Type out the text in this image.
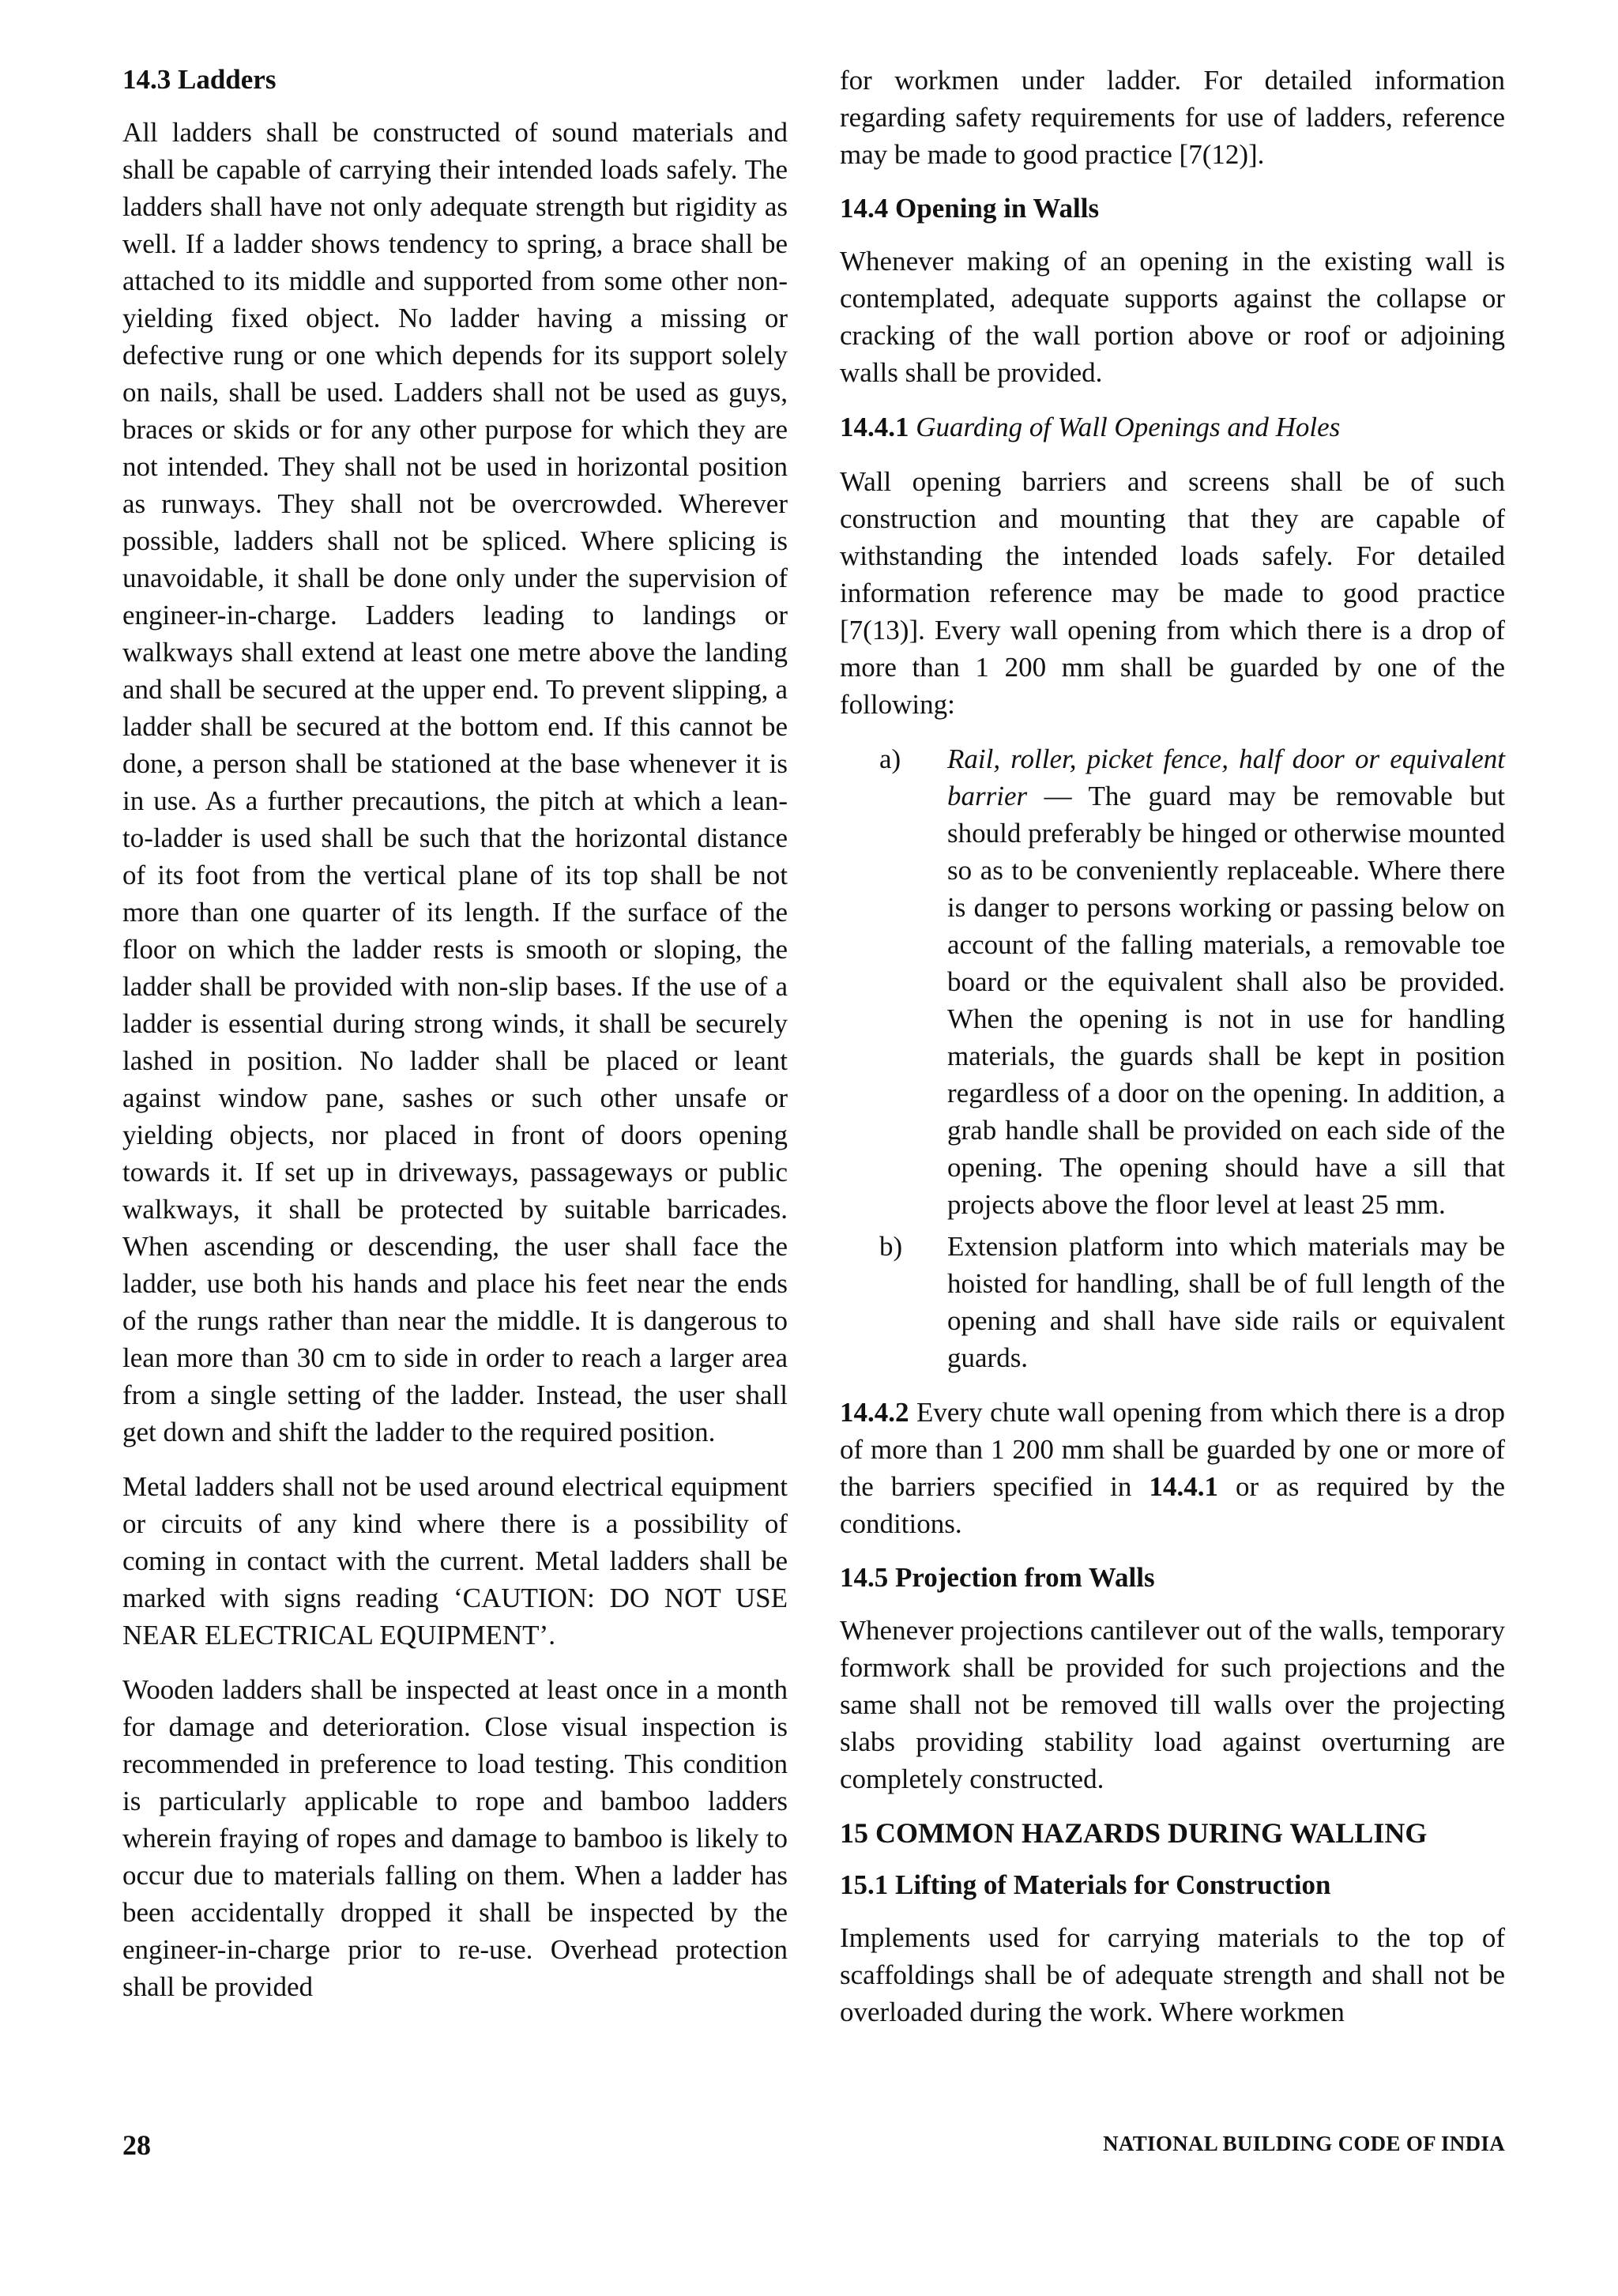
14.3 Ladders

All ladders shall be constructed of sound materials and shall be capable of carrying their intended loads safely. The ladders shall have not only adequate strength but rigidity as well. If a ladder shows tendency to spring, a brace shall be attached to its middle and supported from some other non-yielding fixed object. No ladder having a missing or defective rung or one which depends for its support solely on nails, shall be used. Ladders shall not be used as guys, braces or skids or for any other purpose for which they are not intended. They shall not be used in horizontal position as runways. They shall not be overcrowded. Wherever possible, ladders shall not be spliced. Where splicing is unavoidable, it shall be done only under the supervision of engineer-in-charge. Ladders leading to landings or walkways shall extend at least one metre above the landing and shall be secured at the upper end. To prevent slipping, a ladder shall be secured at the bottom end. If this cannot be done, a person shall be stationed at the base whenever it is in use. As a further precautions, the pitch at which a lean-to-ladder is used shall be such that the horizontal distance of its foot from the vertical plane of its top shall be not more than one quarter of its length. If the surface of the floor on which the ladder rests is smooth or sloping, the ladder shall be provided with non-slip bases. If the use of a ladder is essential during strong winds, it shall be securely lashed in position. No ladder shall be placed or leant against window pane, sashes or such other unsafe or yielding objects, nor placed in front of doors opening towards it. If set up in driveways, passageways or public walkways, it shall be protected by suitable barricades. When ascending or descending, the user shall face the ladder, use both his hands and place his feet near the ends of the rungs rather than near the middle. It is dangerous to lean more than 30 cm to side in order to reach a larger area from a single setting of the ladder. Instead, the user shall get down and shift the ladder to the required position.

Metal ladders shall not be used around electrical equipment or circuits of any kind where there is a possibility of coming in contact with the current. Metal ladders shall be marked with signs reading ‘CAUTION: DO NOT USE NEAR ELECTRICAL EQUIPMENT’.

Wooden ladders shall be inspected at least once in a month for damage and deterioration. Close visual inspection is recommended in preference to load testing. This condition is particularly applicable to rope and bamboo ladders wherein fraying of ropes and damage to bamboo is likely to occur due to materials falling on them. When a ladder has been accidentally dropped it shall be inspected by the engineer-in-charge prior to re-use. Overhead protection shall be provided

for workmen under ladder. For detailed information regarding safety requirements for use of ladders, reference may be made to good practice [7(12)].

14.4 Opening in Walls

Whenever making of an opening in the existing wall is contemplated, adequate supports against the collapse or cracking of the wall portion above or roof or adjoining walls shall be provided.

14.4.1 Guarding of Wall Openings and Holes

Wall opening barriers and screens shall be of such construction and mounting that they are capable of withstanding the intended loads safely. For detailed information reference may be made to good practice [7(13)]. Every wall opening from which there is a drop of more than 1 200 mm shall be guarded by one of the following:

a)	Rail, roller, picket fence, half door or equivalent barrier — The guard may be removable but should preferably be hinged or otherwise mounted so as to be conveniently replaceable. Where there is danger to persons working or passing below on account of the falling materials, a removable toe board or the equivalent shall also be provided. When the opening is not in use for handling materials, the guards shall be kept in position regardless of a door on the opening. In addition, a grab handle shall be provided on each side of the opening. The opening should have a sill that projects above the floor level at least 25 mm.
b)	Extension platform into which materials may be hoisted for handling, shall be of full length of the opening and shall have side rails or equivalent guards.

14.4.2 Every chute wall opening from which there is a drop of more than 1 200 mm shall be guarded by one or more of the barriers specified in 14.4.1 or as required by the conditions.

14.5 Projection from Walls

Whenever projections cantilever out of the walls, temporary formwork shall be provided for such projections and the same shall not be removed till walls over the projecting slabs providing stability load against overturning are completely constructed.

15 COMMON HAZARDS DURING WALLING
15.1 Lifting of Materials for Construction

Implements used for carrying materials to the top of scaffoldings shall be of adequate strength and shall not be overloaded during the work. Where workmen

28	NATIONAL BUILDING CODE OF INDIA
